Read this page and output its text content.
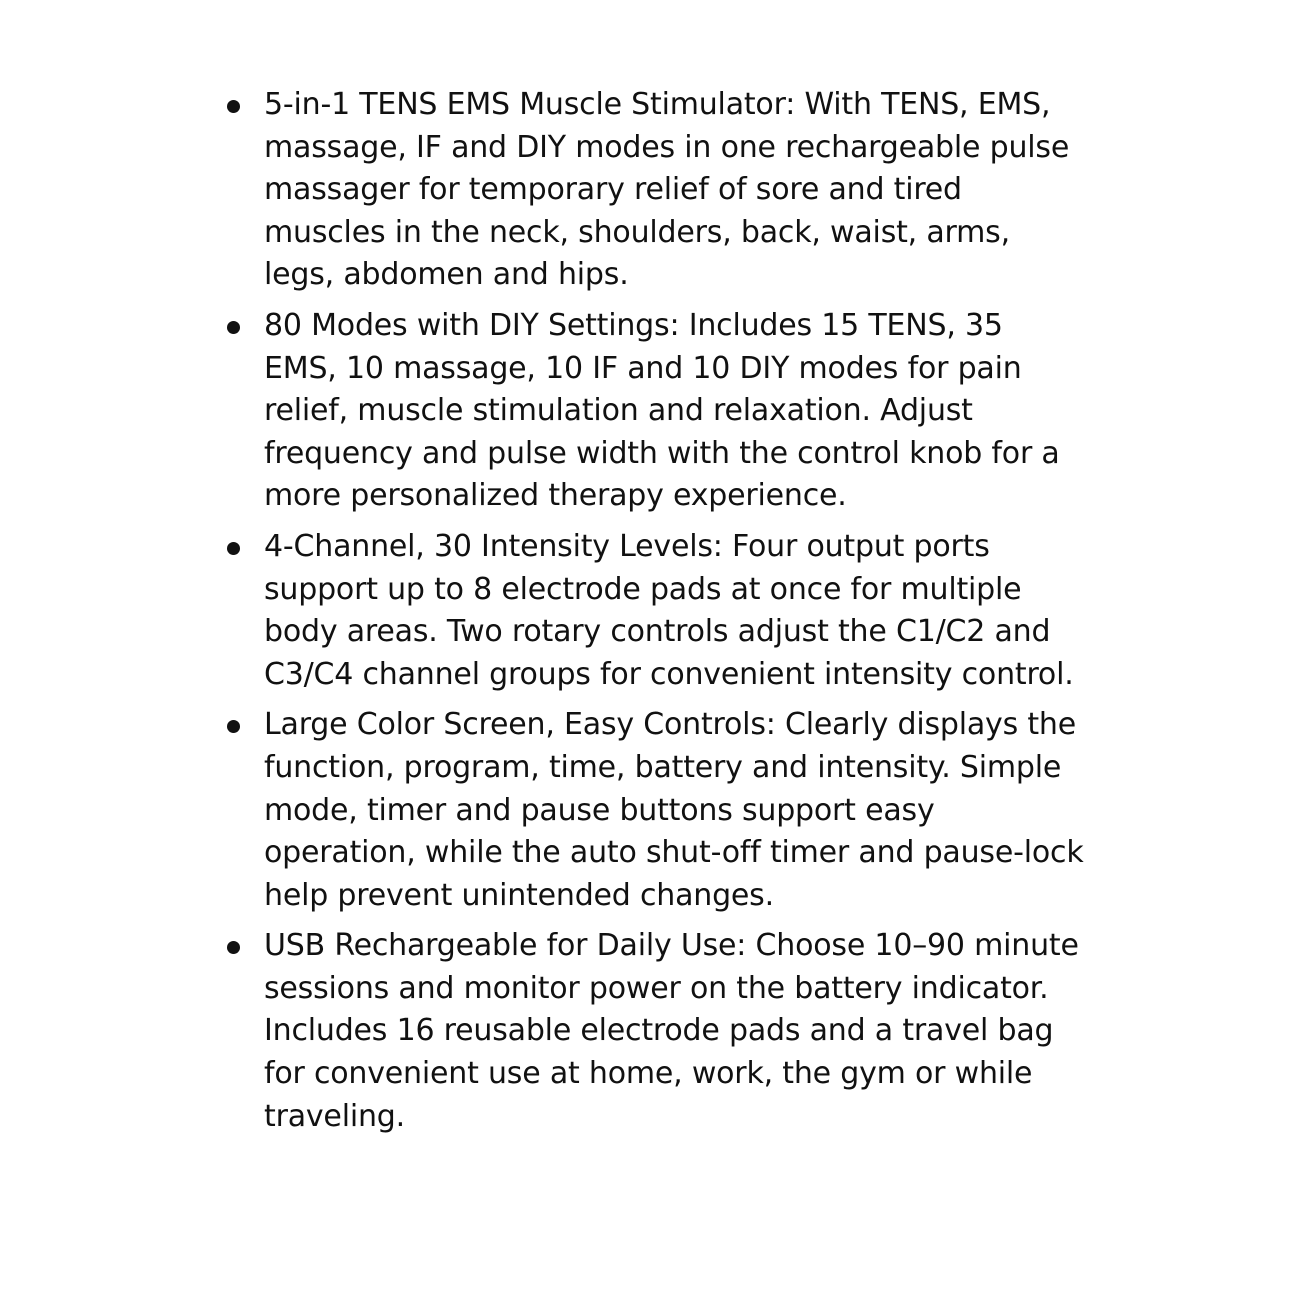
5-in-1 TENS EMS Muscle Stimulator: With TENS, EMS, massage, IF and DIY modes in one rechargeable pulse massager for temporary relief of sore and tired muscles in the neck, shoulders, back, waist, arms, legs, abdomen and hips.
80 Modes with DIY Settings: Includes 15 TENS, 35 EMS, 10 massage, 10 IF and 10 DIY modes for pain relief, muscle stimulation and relaxation. Adjust frequency and pulse width with the control knob for a more personalized therapy experience.
4-Channel, 30 Intensity Levels: Four output ports support up to 8 electrode pads at once for multiple body areas. Two rotary controls adjust the C1/C2 and C3/C4 channel groups for convenient intensity control.
Large Color Screen, Easy Controls: Clearly displays the function, program, time, battery and intensity. Simple mode, timer and pause buttons support easy operation, while the auto shut-off timer and pause-lock help prevent unintended changes.
USB Rechargeable for Daily Use: Choose 10–90 minute sessions and monitor power on the battery indicator. Includes 16 reusable electrode pads and a travel bag for convenient use at home, work, the gym or while traveling.
